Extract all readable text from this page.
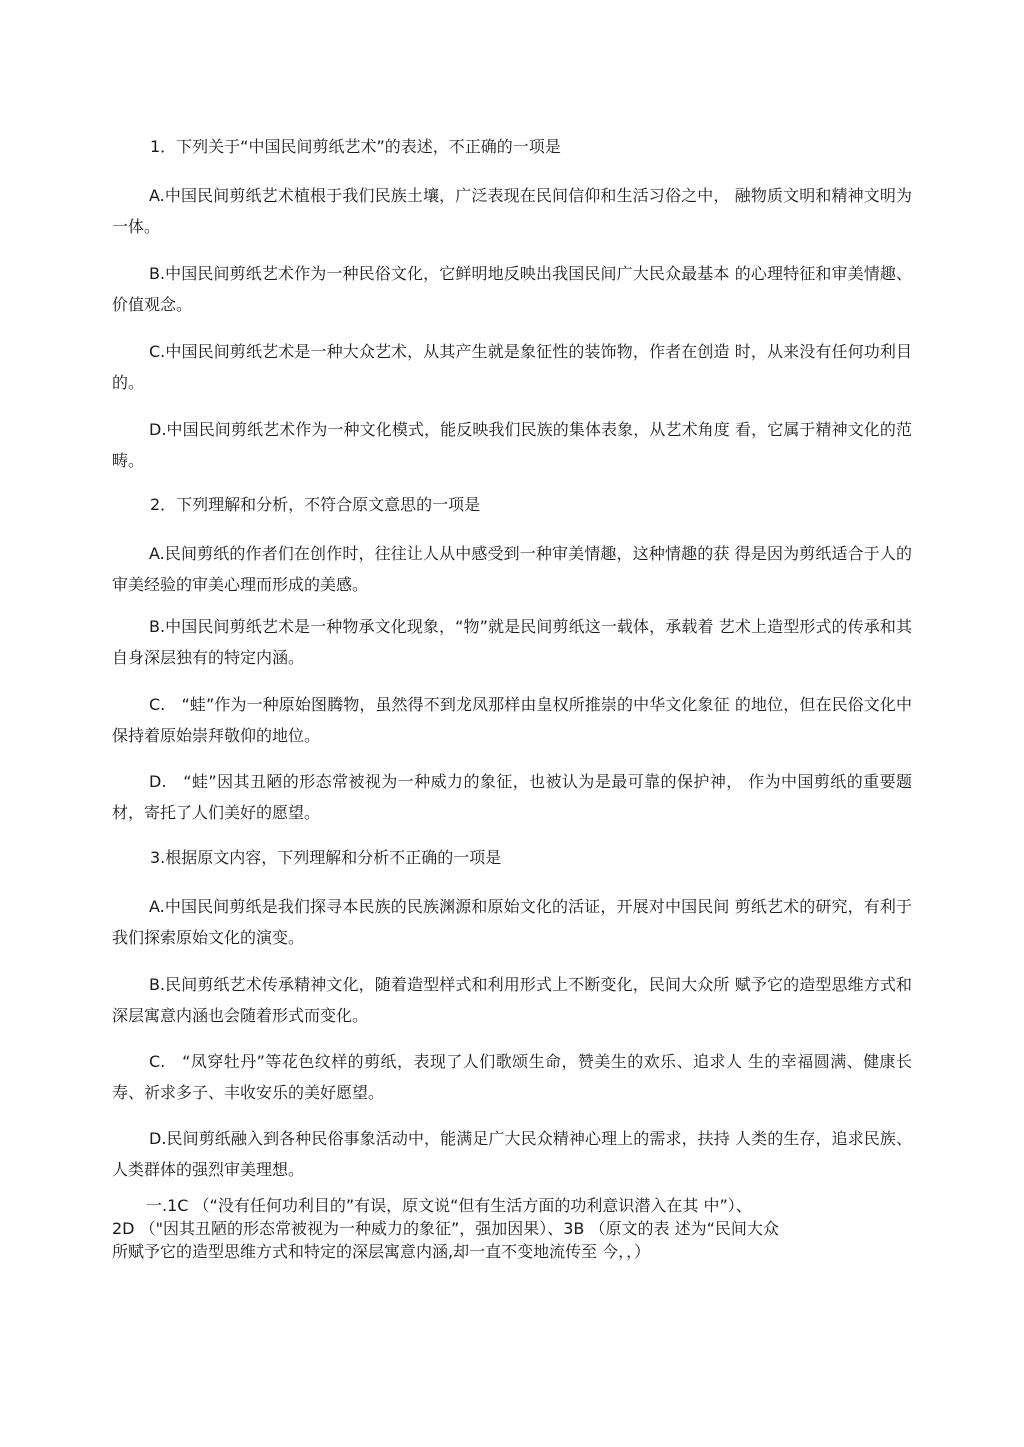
1．下列关于“中国民间剪纸艺术”的表述，不正确的一项是
A.中国民间剪纸艺术植根于我们民族土壤，广泛表现在民间信仰和生活习俗之中， 融物质文明和精神文明为一体。
B.中国民间剪纸艺术作为一种民俗文化，它鲜明地反映出我国民间广大民众最基本 的心理特征和审美情趣、价值观念。
C.中国民间剪纸艺术是一种大众艺术，从其产生就是象征性的装饰物，作者在创造 时，从来没有任何功利目的。
D.中国民间剪纸艺术作为一种文化模式，能反映我们民族的集体表象，从艺术角度 看，它属于精神文化的范畴。
2．下列理解和分析，不符合原文意思的一项是
A.民间剪纸的作者们在创作时，往往让人从中感受到一种审美情趣，这种情趣的获 得是因为剪纸适合于人的审美经验的审美心理而形成的美感。
B.中国民间剪纸艺术是一种物承文化现象，“物”就是民间剪纸这一载体，承载着 艺术上造型形式的传承和其自身深层独有的特定内涵。
C.　“蛙”作为一种原始图腾物，虽然得不到龙凤那样由皇权所推崇的中华文化象征 的地位，但在民俗文化中保持着原始崇拜敬仰的地位。
D.　“蛙”因其丑陋的形态常被视为一种威力的象征，也被认为是最可靠的保护神， 作为中国剪纸的重要题材，寄托了人们美好的愿望。
3.根据原文内容，下列理解和分析不正确的一项是
A.中国民间剪纸是我们探寻本民族的民族渊源和原始文化的活证，开展对中国民间 剪纸艺术的研究，有利于我们探索原始文化的演变。
B.民间剪纸艺术传承精神文化，随着造型样式和利用形式上不断变化，民间大众所 赋予它的造型思维方式和深层寓意内涵也会随着形式而变化。
C.　“凤穿牡丹”等花色纹样的剪纸，表现了人们歌颂生命，赞美生的欢乐、追求人 生的幸福圆满、健康长寿、祈求多子、丰收安乐的美好愿望。
D.民间剪纸融入到各种民俗事象活动中，能满足广大民众精神心理上的需求，扶持 人类的生存，追求民族、人类群体的强烈审美理想。
一.1C （“没有任何功利目的”有误，原文说“但有生活方面的功利意识潜入在其 中”）、
2D （"因其丑陋的形态常被视为一种威力的象征”，强加因果）、3B （原文的表 述为“民间大众
所赋予它的造型思维方式和特定的深层寓意内涵,却一直不变地流传至 今，，）
